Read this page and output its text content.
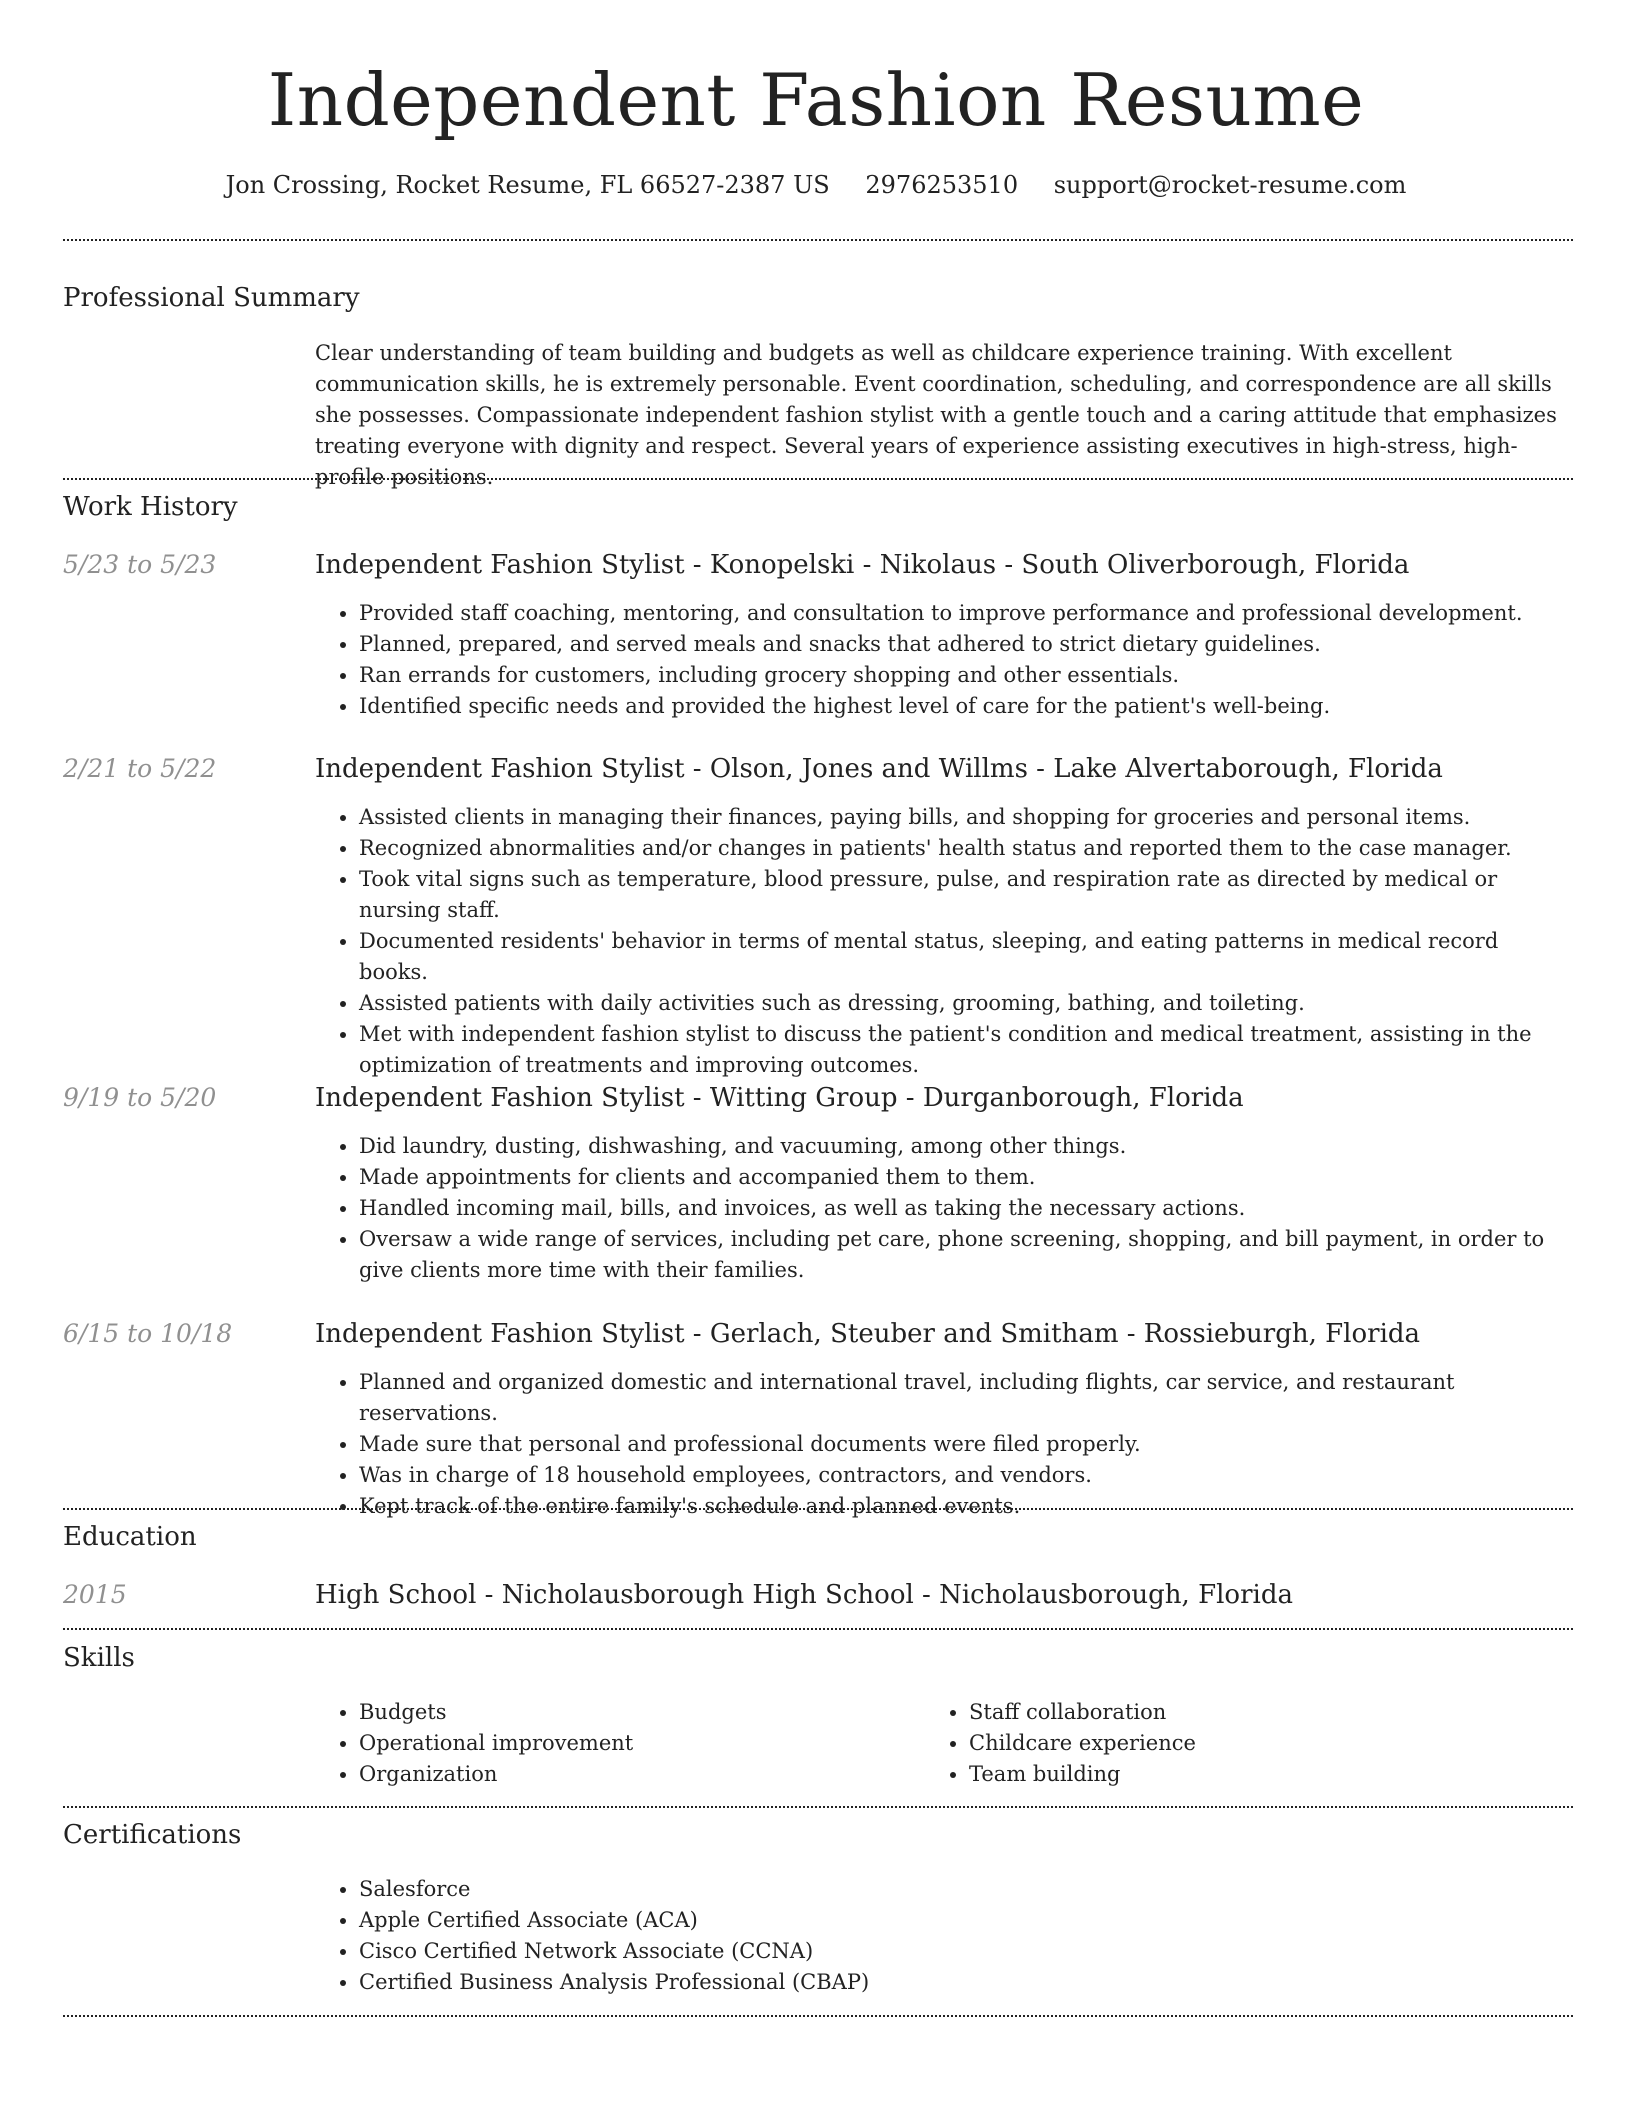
Independent Fashion Resume
Jon Crossing, Rocket Resume, FL 66527-2387 US 2976253510 support@rocket-resume.com
Professional Summary
Clear understanding of team building and budgets as well as childcare experience training. With excellent communication skills, he is extremely personable. Event coordination, scheduling, and correspondence are all skills she possesses. Compassionate independent fashion stylist with a gentle touch and a caring attitude that emphasizes treating everyone with dignity and respect. Several years of experience assisting executives in high-stress, high-profile positions.
Work History
5/23 to 5/23	Independent Fashion Stylist - Konopelski - Nikolaus - South Oliverborough, Florida
• Provided staff coaching, mentoring, and consultation to improve performance and professional development.
• Planned, prepared, and served meals and snacks that adhered to strict dietary guidelines.
• Ran errands for customers, including grocery shopping and other essentials.
• Identified specific needs and provided the highest level of care for the patient's well-being.
2/21 to 5/22	Independent Fashion Stylist - Olson, Jones and Willms - Lake Alvertaborough, Florida
• Assisted clients in managing their finances, paying bills, and shopping for groceries and personal items.
• Recognized abnormalities and/or changes in patients' health status and reported them to the case manager.
• Took vital signs such as temperature, blood pressure, pulse, and respiration rate as directed by medical or nursing staff.
• Documented residents' behavior in terms of mental status, sleeping, and eating patterns in medical record books.
• Assisted patients with daily activities such as dressing, grooming, bathing, and toileting.
• Met with independent fashion stylist to discuss the patient's condition and medical treatment, assisting in the optimization of treatments and improving outcomes.
9/19 to 5/20	Independent Fashion Stylist - Witting Group - Durganborough, Florida
• Did laundry, dusting, dishwashing, and vacuuming, among other things.
• Made appointments for clients and accompanied them to them.
• Handled incoming mail, bills, and invoices, as well as taking the necessary actions.
• Oversaw a wide range of services, including pet care, phone screening, shopping, and bill payment, in order to give clients more time with their families.
6/15 to 10/18	Independent Fashion Stylist - Gerlach, Steuber and Smitham - Rossieburgh, Florida
• Planned and organized domestic and international travel, including flights, car service, and restaurant reservations.
• Made sure that personal and professional documents were filed properly.
• Was in charge of 18 household employees, contractors, and vendors.
• Kept track of the entire family's schedule and planned events.
Education
2015	High School - Nicholausborough High School - Nicholausborough, Florida
Skills
• Budgets
• Operational improvement
• Organization
• Staff collaboration
• Childcare experience
• Team building
Certifications
• Salesforce
• Apple Certified Associate (ACA)
• Cisco Certified Network Associate (CCNA)
• Certified Business Analysis Professional (CBAP)
